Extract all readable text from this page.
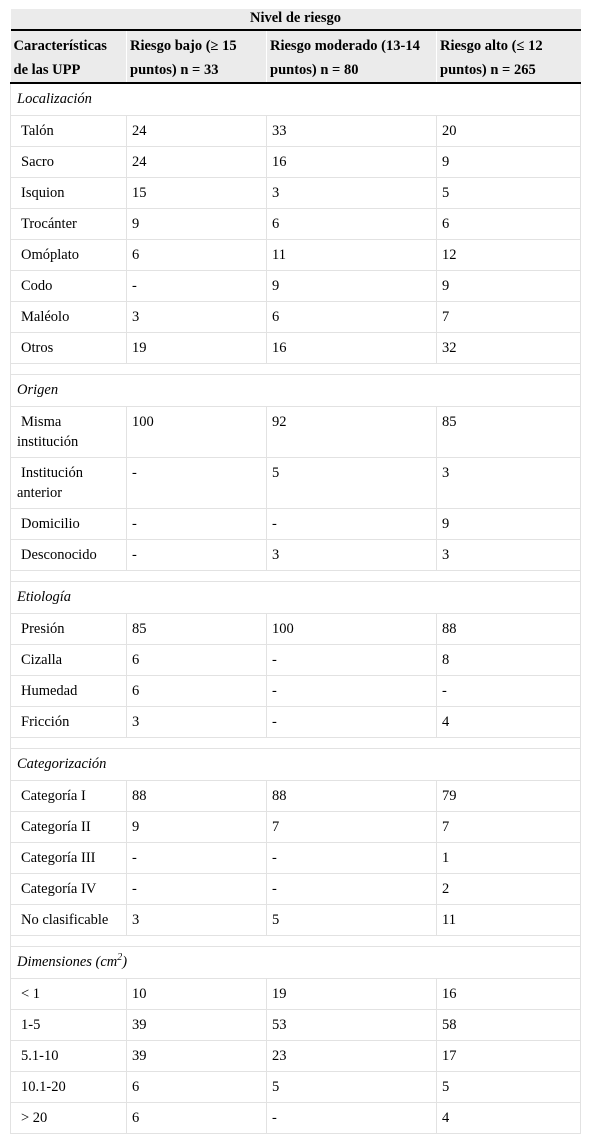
Nivel de riesgo			
Características de las UPP	Riesgo bajo (≥ 15 puntos) n = 33	Riesgo moderado (13-14 puntos) n = 80	Riesgo alto (≤ 12 puntos) n = 265
Localización			
Talón	24	33	20
Sacro	24	16	9
Isquion	15	3	5
Trocánter	9	6	6
Omóplato	6	11	12
Codo	-	9	9
Maléolo	3	6	7
Otros	19	16	32

Origen			
Misma institución	100	92	85
Institución anterior	-	5	3
Domicilio	-	-	9
Desconocido	-	3	3

Etiología			
Presión	85	100	88
Cizalla	6	-	8
Humedad	6	-	-
Fricción	3	-	4

Categorización			
Categoría I	88	88	79
Categoría II	9	7	7
Categoría III	-	-	1
Categoría IV	-	-	2
No clasificable	3	5	11

Dimensiones $(cm^2)$			
< 1	10	19	16
1-5	39	53	58
5.1-10	39	23	17
10.1-20	6	5	5
> 20	6	-	4
